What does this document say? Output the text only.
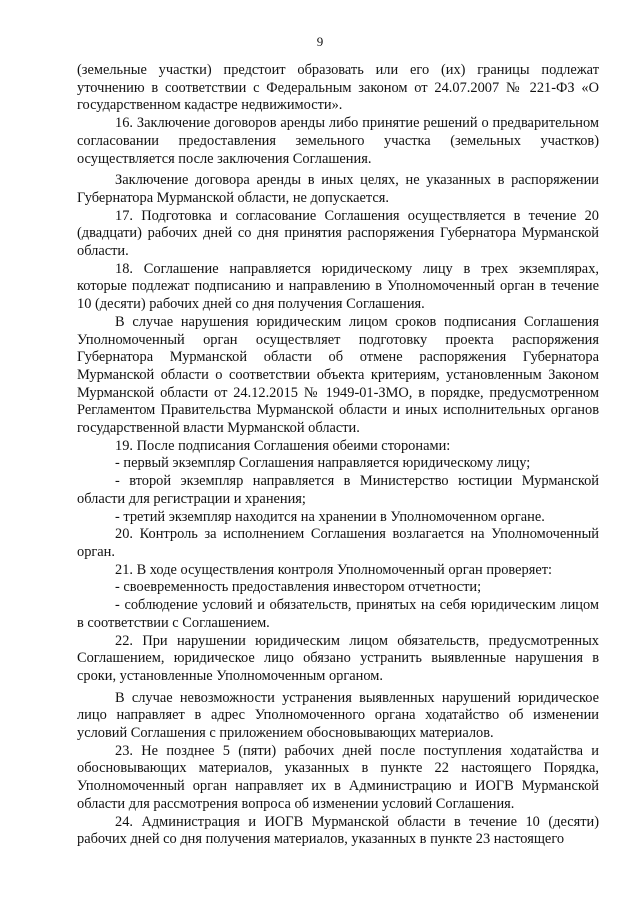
9

(земельные участки) предстоит образовать или его (их) границы подлежат уточнению в соответствии с Федеральным законом от 24.07.2007 № 221-ФЗ «О государственном кадастре недвижимости».

16. Заключение договоров аренды либо принятие решений о предварительном согласовании предоставления земельного участка (земельных участков) осуществляется после заключения Соглашения.

Заключение договора аренды в иных целях, не указанных в распоряжении Губернатора Мурманской области, не допускается.

17. Подготовка и согласование Соглашения осуществляется в течение 20 (двадцати) рабочих дней со дня принятия распоряжения Губернатора Мурманской области.

18. Соглашение направляется юридическому лицу в трех экземплярах, которые подлежат подписанию и направлению в Уполномоченный орган в течение 10 (десяти) рабочих дней со дня получения Соглашения.

В случае нарушения юридическим лицом сроков подписания Соглашения Уполномоченный орган осуществляет подготовку проекта распоряжения Губернатора Мурманской области об отмене распоряжения Губернатора Мурманской области о соответствии объекта критериям, установленным Законом Мурманской области от 24.12.2015 № 1949-01-ЗМО, в порядке, предусмотренном Регламентом Правительства Мурманской области и иных исполнительных органов государственной власти Мурманской области.

19. После подписания Соглашения обеими сторонами:

- первый экземпляр Соглашения направляется юридическому лицу;

- второй экземпляр направляется в Министерство юстиции Мурманской области для регистрации и хранения;

- третий экземпляр находится на хранении в Уполномоченном органе.

20. Контроль за исполнением Соглашения возлагается на Уполномоченный орган.

21. В ходе осуществления контроля Уполномоченный орган проверяет:

- своевременность предоставления инвестором отчетности;

- соблюдение условий и обязательств, принятых на себя юридическим лицом в соответствии с Соглашением.

22. При нарушении юридическим лицом обязательств, предусмотренных Соглашением, юридическое лицо обязано устранить выявленные нарушения в сроки, установленные Уполномоченным органом.

В случае невозможности устранения выявленных нарушений юридическое лицо направляет в адрес Уполномоченного органа ходатайство об изменении условий Соглашения с приложением обосновывающих материалов.

23. Не позднее 5 (пяти) рабочих дней после поступления ходатайства и обосновывающих материалов, указанных в пункте 22 настоящего Порядка, Уполномоченный орган направляет их в Администрацию и ИОГВ Мурманской области для рассмотрения вопроса об изменении условий Соглашения.

24. Администрация и ИОГВ Мурманской области в течение 10 (десяти) рабочих дней со дня получения материалов, указанных в пункте 23 настоящего
